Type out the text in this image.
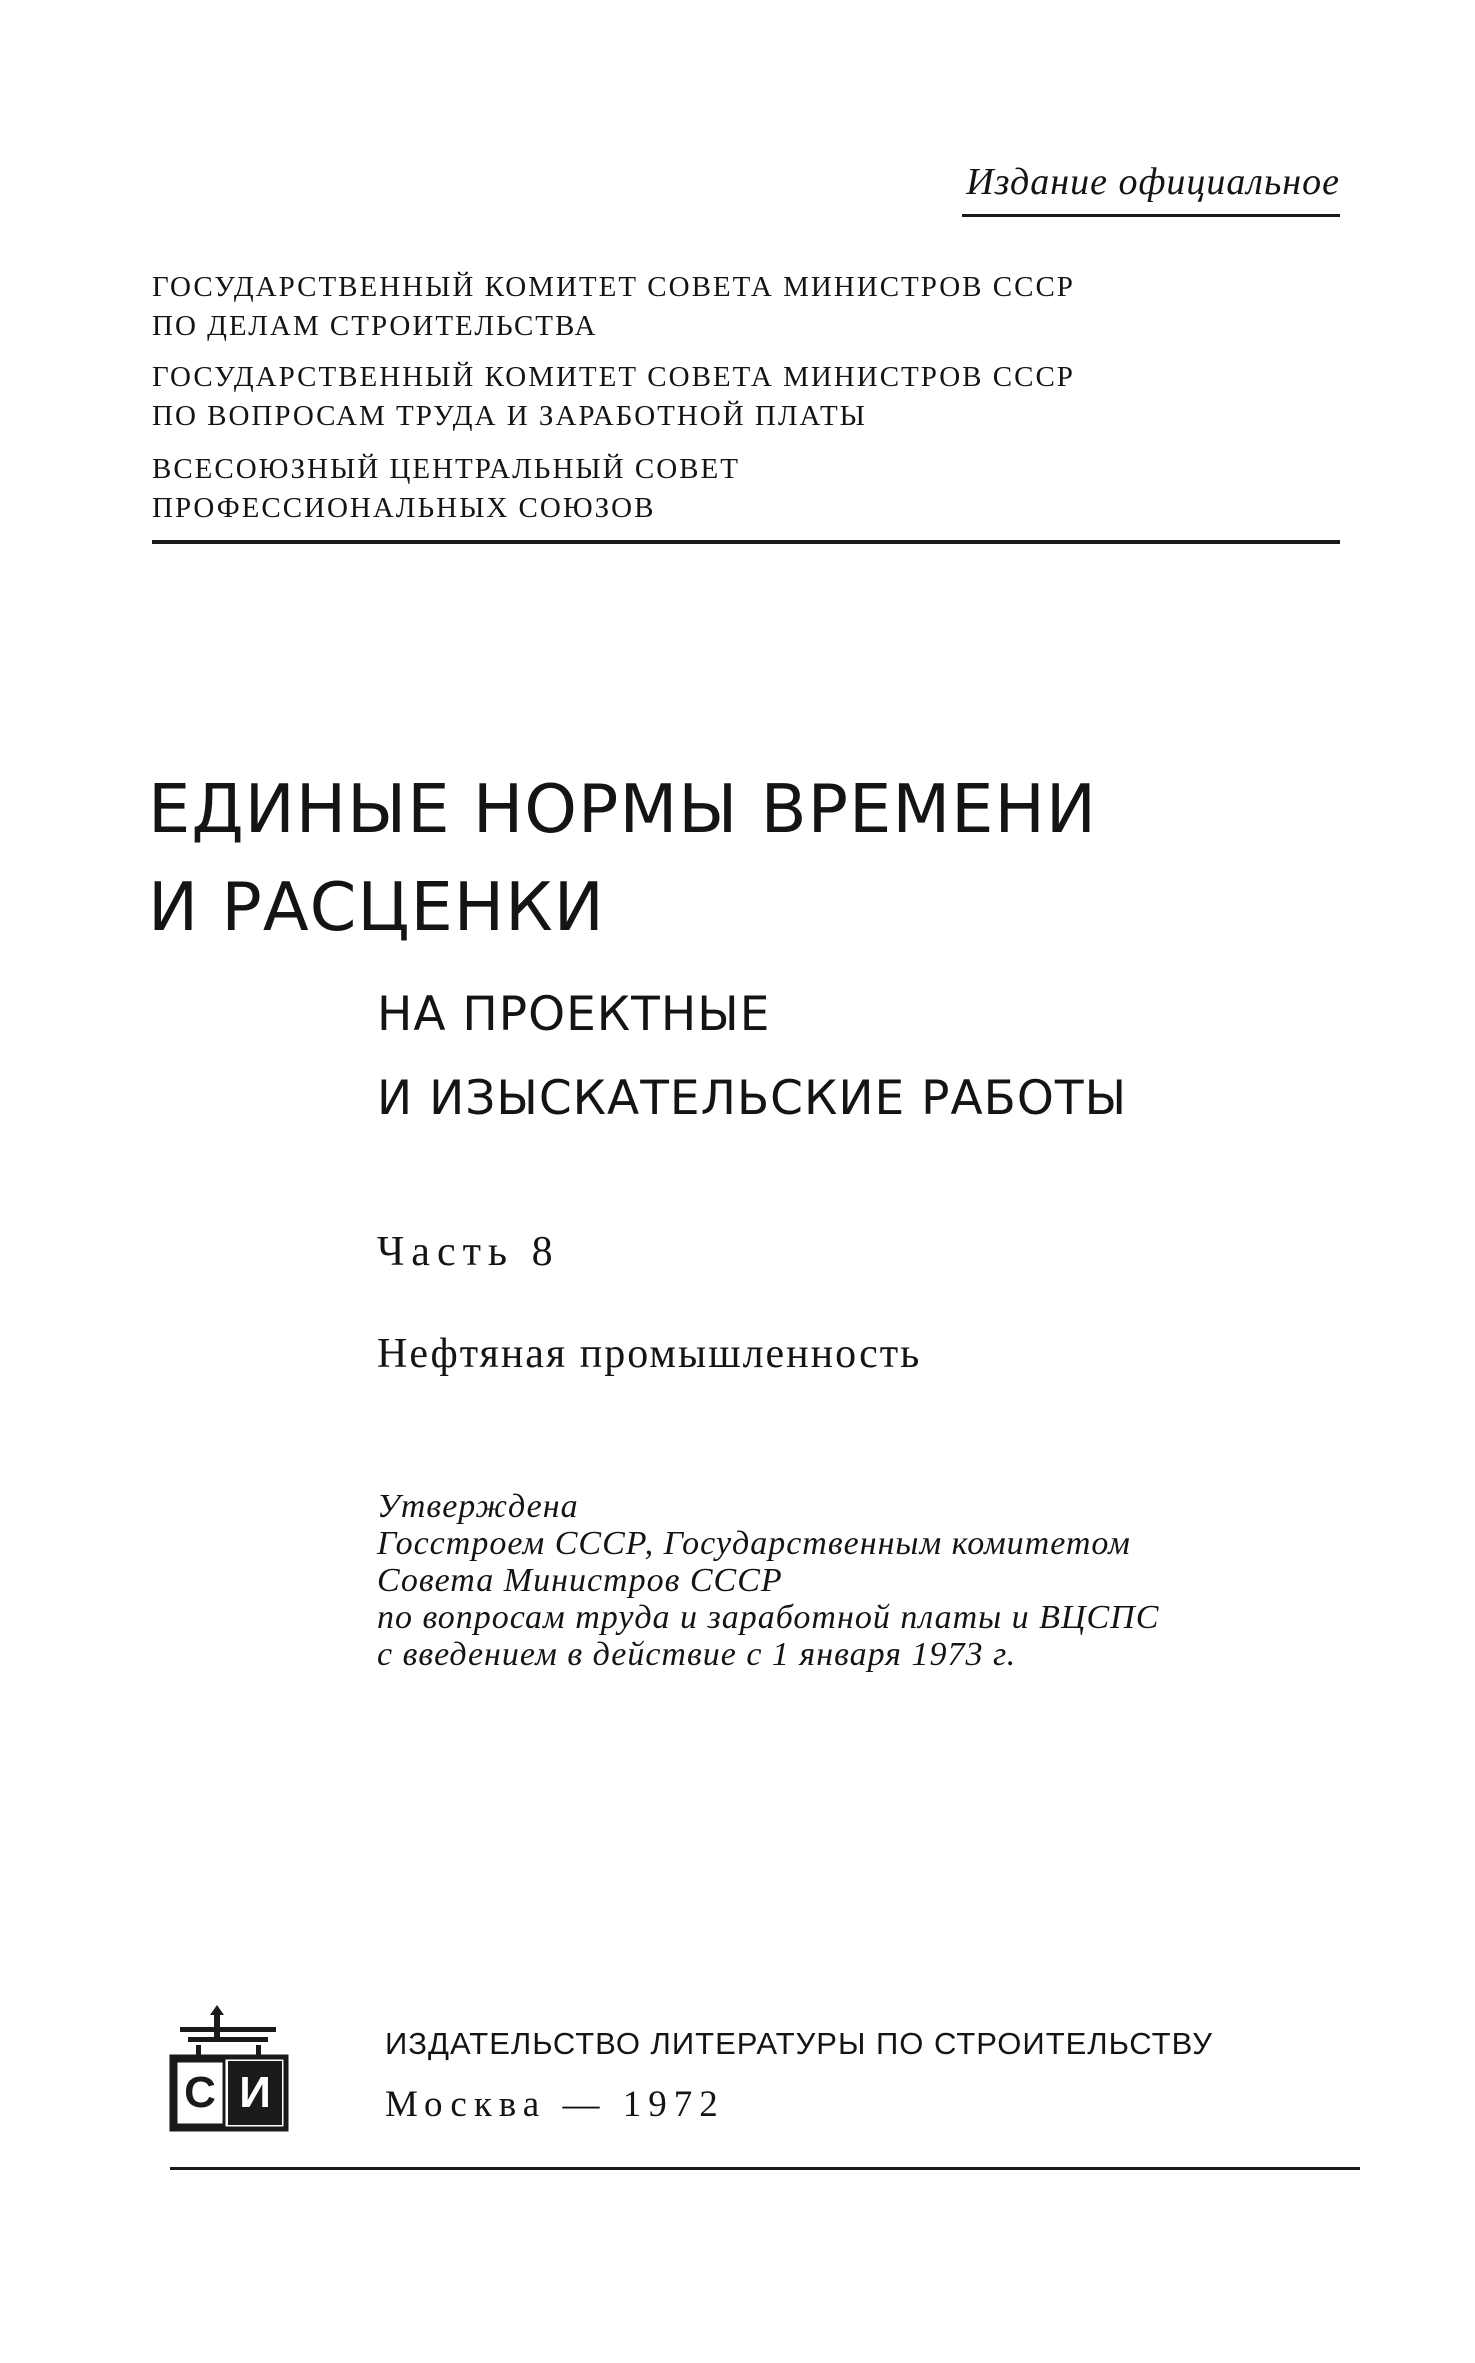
Издание официальное
ГОСУДАРСТВЕННЫЙ КОМИТЕТ СОВЕТА МИНИСТРОВ СССР
ПО ДЕЛАМ СТРОИТЕЛЬСТВА
ГОСУДАРСТВЕННЫЙ КОМИТЕТ СОВЕТА МИНИСТРОВ СССР
ПО ВОПРОСАМ ТРУДА И ЗАРАБОТНОЙ ПЛАТЫ
ВСЕСОЮЗНЫЙ ЦЕНТРАЛЬНЫЙ СОВЕТ
ПРОФЕССИОНАЛЬНЫХ СОЮЗОВ
ЕДИНЫЕ НОРМЫ ВРЕМЕНИ
И РАСЦЕНКИ
НА ПРОЕКТНЫЕ
И ИЗЫСКАТЕЛЬСКИЕ РАБОТЫ
Часть 8
Нефтяная промышленность
Утверждена
Госстроем СССР, Государственным комитетом
Совета Министров СССР
по вопросам труда и заработной платы и ВЦСПС
с введением в действие с 1 января 1973 г.
С И
ИЗДАТЕЛЬСТВО ЛИТЕРАТУРЫ ПО СТРОИТЕЛЬСТВУ
Москва — 1972
